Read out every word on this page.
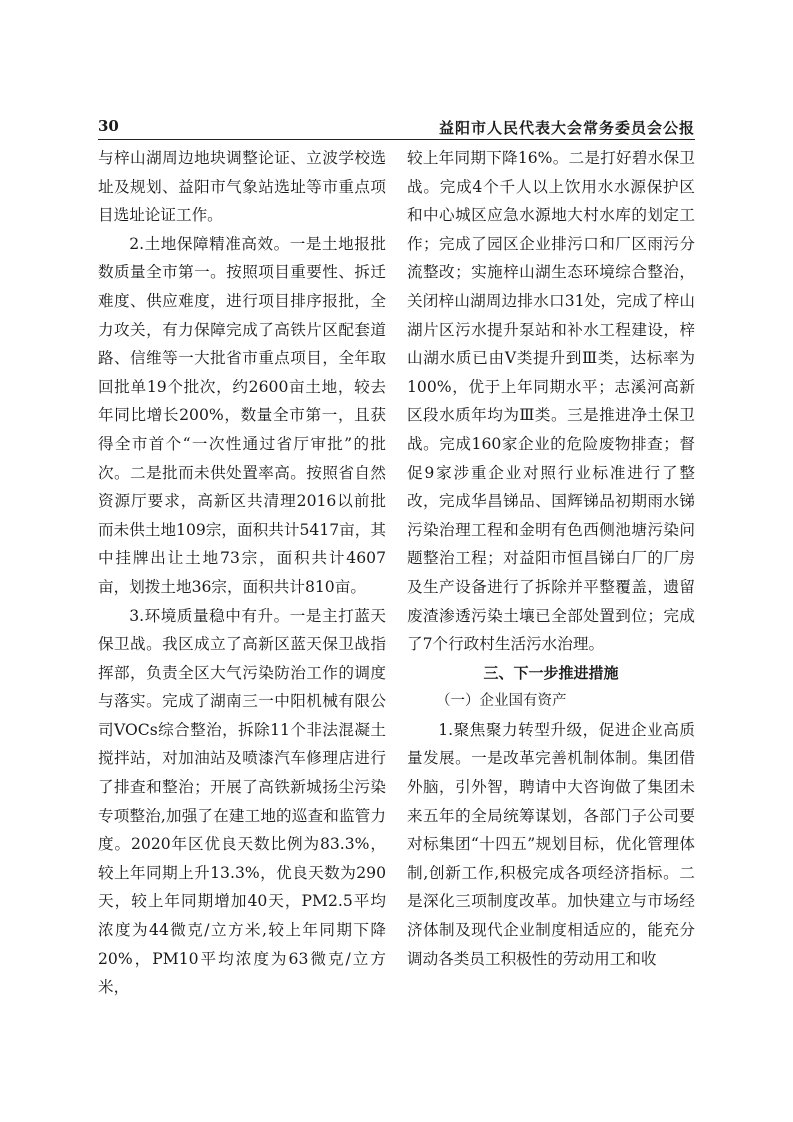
30	益阳市人民代表大会常务委员会公报

与梓山湖周边地块调整论证、立波学校选址及规划、益阳市气象站选址等市重点项目选址论证工作。

2.土地保障精准高效。一是土地报批数质量全市第一。按照项目重要性、拆迁难度、供应难度，进行项目排序报批，全力攻关，有力保障完成了高铁片区配套道路、信维等一大批省市重点项目，全年取回批单19个批次，约2600亩土地，较去年同比增长200%，数量全市第一，且获得全市首个“一次性通过省厅审批”的批次。二是批而未供处置率高。按照省自然资源厅要求，高新区共清理2016以前批而未供土地109宗，面积共计5417亩，其中挂牌出让土地73宗，面积共计4607亩，划拨土地36宗，面积共计810亩。

3.环境质量稳中有升。一是主打蓝天保卫战。我区成立了高新区蓝天保卫战指挥部，负责全区大气污染防治工作的调度与落实。完成了湖南三一中阳机械有限公司VOCs综合整治，拆除11个非法混凝土搅拌站，对加油站及喷漆汽车修理店进行了排查和整治；开展了高铁新城扬尘污染专项整治,加强了在建工地的巡查和监管力度。2020年区优良天数比例为83.3%，较上年同期上升13.3%，优良天数为290天，较上年同期增加40天，PM2.5平均浓度为44微克/立方米,较上年同期下降20%，PM10平均浓度为63微克/立方米，

较上年同期下降16%。二是打好碧水保卫战。完成4个千人以上饮用水水源保护区和中心城区应急水源地大村水库的划定工作；完成了园区企业排污口和厂区雨污分流整改；实施梓山湖生态环境综合整治，关闭梓山湖周边排水口31处，完成了梓山湖片区污水提升泵站和补水工程建设，梓山湖水质已由V类提升到Ⅲ类，达标率为100%，优于上年同期水平；志溪河高新区段水质年均为Ⅲ类。三是推进净土保卫战。完成160家企业的危险废物排查；督促9家涉重企业对照行业标准进行了整改，完成华昌锑品、国辉锑品初期雨水锑污染治理工程和金明有色西侧池塘污染问题整治工程；对益阳市恒昌锑白厂的厂房及生产设备进行了拆除并平整覆盖，遗留废渣渗透污染土壤已全部处置到位；完成了7个行政村生活污水治理。

三、下一步推进措施

（一）企业国有资产

1.聚焦聚力转型升级，促进企业高质量发展。一是改革完善机制体制。集团借外脑，引外智，聘请中大咨询做了集团未来五年的全局统筹谋划，各部门子公司要对标集团“十四五”规划目标，优化管理体制,创新工作,积极完成各项经济指标。二是深化三项制度改革。加快建立与市场经济体制及现代企业制度相适应的，能充分调动各类员工积极性的劳动用工和收
